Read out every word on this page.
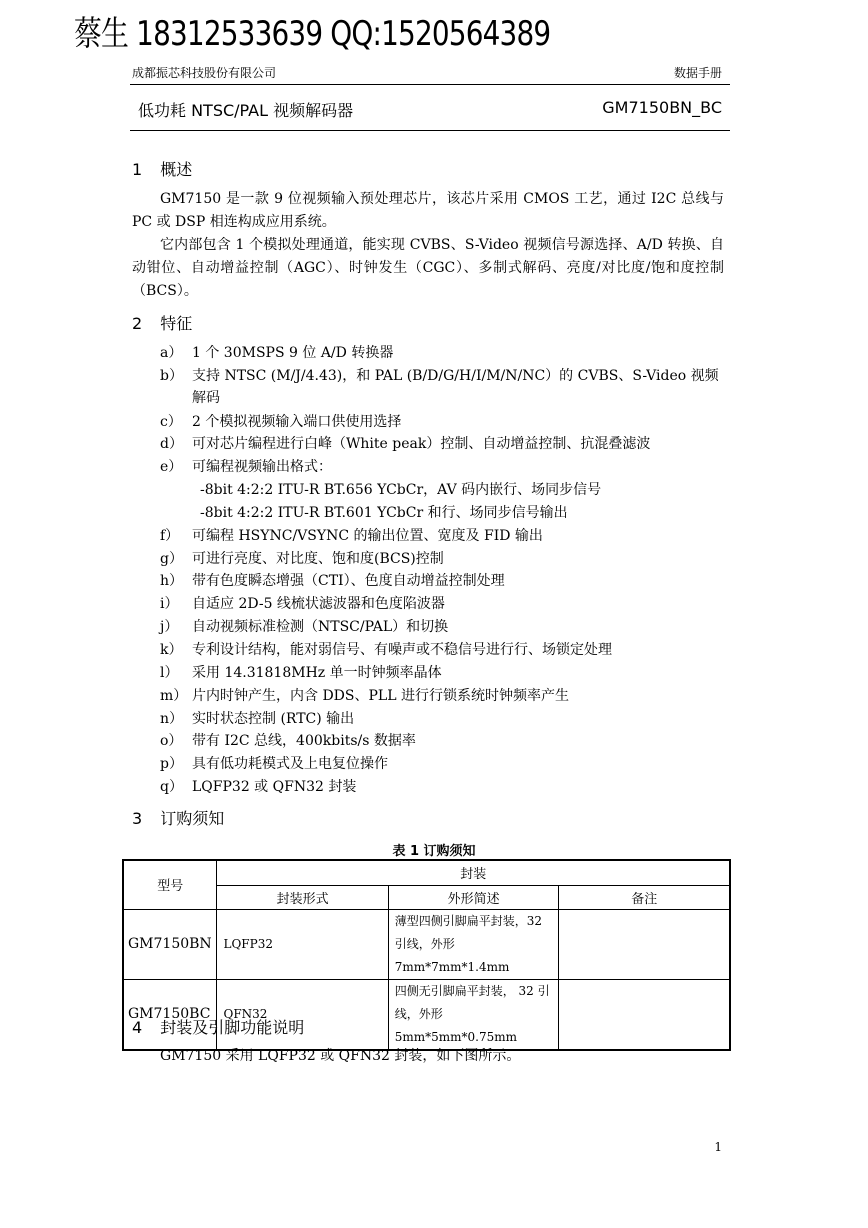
蔡生 18312533639 QQ:1520564389
成都振芯科技股份有限公司	数据手册
低功耗 NTSC/PAL 视频解码器	GM7150BN_BC
1 概述

GM7150 是一款 9 位视频输入预处理芯片，该芯片采用 CMOS 工艺，通过 I2C 总线与 PC 或 DSP 相连构成应用系统。

它内部包含 1 个模拟处理通道，能实现 CVBS、S-Video 视频信号源选择、A/D 转换、自动钳位、自动增益控制（AGC）、时钟发生（CGC）、多制式解码、亮度/对比度/饱和度控制（BCS）。

2 特征
a） 1 个 30MSPS 9 位 A/D 转换器
b） 支持 NTSC (M/J/4.43)，和 PAL (B/D/G/H/I/M/N/NC）的 CVBS、S-Video 视频解码
c） 2 个模拟视频输入端口供使用选择
d） 可对芯片编程进行白峰（White peak）控制、自动增益控制、抗混叠滤波
e） 可编程视频输出格式：
-8bit 4:2:2 ITU-R BT.656 YCbCr，AV 码内嵌行、场同步信号
-8bit 4:2:2 ITU-R BT.601 YCbCr 和行、场同步信号输出
f） 可编程 HSYNC/VSYNC 的输出位置、宽度及 FID 输出
g） 可进行亮度、对比度、饱和度(BCS)控制
h） 带有色度瞬态增强（CTI）、色度自动增益控制处理
i） 自适应 2D-5 线梳状滤波器和色度陷波器
j） 自动视频标准检测（NTSC/PAL）和切换
k） 专利设计结构，能对弱信号、有噪声或不稳信号进行行、场锁定处理
l） 采用 14.31818MHz 单一时钟频率晶体
m） 片内时钟产生，内含 DDS、PLL 进行行锁系统时钟频率产生
n） 实时状态控制 (RTC) 输出
o） 带有 I2C 总线，400kbits/s 数据率
p） 具有低功耗模式及上电复位操作
q） LQFP32 或 QFN32 封装
3 订购须知
表 1 订购须知
型号	封装		
	封装形式	外形简述	备注
GM7150BN	LQFP32	薄型四侧引脚扁平封装，32 引线，外形 7mm*7mm*1.4mm	
GM7150BC	QFN32	四侧无引脚扁平封装， 32 引线，外形 5mm*5mm*0.75mm	
4 封装及引脚功能说明

GM7150 采用 LQFP32 或 QFN32 封装，如下图所示。

1
